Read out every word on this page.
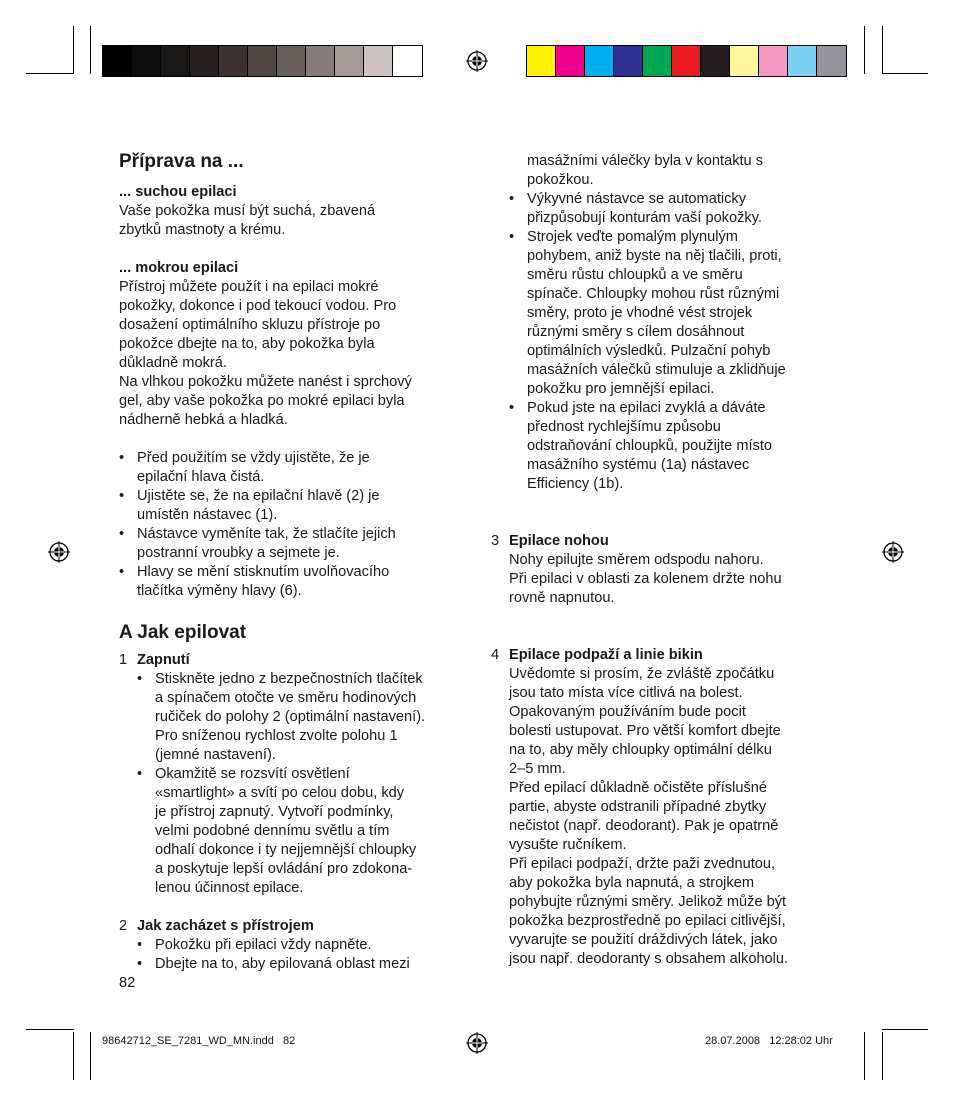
Příprava na ...
... suchou epilaci

Vaše pokožka musí být suchá, zbavená

zbytků mastnoty a krému.

... mokrou epilaci

Přístroj můžete použít i na epilaci mokré

pokožky, dokonce i pod tekoucí vodou. Pro

dosažení optimálního skluzu přístroje po

pokožce dbejte na to, aby pokožka byla

důkladně mokrá.

Na vlhkou pokožku můžete nanést i sprchový

gel, aby vaše pokožka po mokré epilaci byla

nádherně hebká a hladká.

• Před použitím se vždy ujistěte, že je

epilační hlava čistá.

• Ujistěte se, že na epilační hlavě (2) je

umístěn nástavec (1).

• Nástavce vyměníte tak, že stlačíte jejich

postranní vroubky a sejmete je.

• Hlavy se mění stisknutím uvolňovacího

tlačítka výměny hlavy (6).

A Jak epilovat
1 Zapnutí

• Stiskněte jedno z bezpečnostních tlačítek

a spínačem otočte ve směru hodinových

ručiček do polohy 2 (optimální nastavení).

Pro sníženou rychlost zvolte polohu 1

(jemné nastavení).

• Okamžitě se rozsvítí osvětlení

«smartlight» a svítí po celou dobu, kdy

je přístroj zapnutý. Vytvoří podmínky,

velmi podobné dennímu světlu a tím

odhalí dokonce i ty nejjemnější chloupky

a poskytuje lepší ovládání pro zdokona-

lenou účinnost epilace.

2 Jak zacházet s přístrojem

• Pokožku při epilaci vždy napněte.

• Dbejte na to, aby epilovaná oblast mezi

82

masážními válečky byla v kontaktu s

pokožkou.

• Výkyvné nástavce se automaticky

přizpůsobují konturám vaší pokožky.

• Strojek veďte pomalým plynulým

pohybem, aniž byste na něj tlačili, proti,

směru růstu chloupků a ve směru

spínače. Chloupky mohou růst různými

směry, proto je vhodné vést strojek

různými směry s cílem dosáhnout

optimálních výsledků. Pulzační pohyb

masážních válečků stimuluje a zklidňuje

pokožku pro jemnější epilaci.

• Pokud jste na epilaci zvyklá a dáváte

přednost rychlejšímu způsobu

odstraňování chloupků, použijte místo

masážního systému (1a) nástavec

Efficiency (1b).

3 Epilace nohou

Nohy epilujte směrem odspodu nahoru.

Při epilaci v oblasti za kolenem držte nohu

rovně napnutou.

4 Epilace podpaží a linie bikin

Uvědomte si prosím, že zvláště zpočátku

jsou tato místa více citlivá na bolest.

Opakovaným používáním bude pocit

bolesti ustupovat. Pro větší komfort dbejte

na to, aby měly chloupky optimální délku

2–5 mm.

Před epilací důkladně očistěte příslušné

partie, abyste odstranili případné zbytky

nečistot (např. deodorant). Pak je opatrně

vysušte ručníkem.

Při epilaci podpaží, držte paži zvednutou,

aby pokožka byla napnutá, a strojkem

pohybujte různými směry. Jelikož může být

pokožka bezprostředně po epilaci citlivější,

vyvarujte se použití dráždivých látek, jako

jsou např. deodoranty s obsahem alkoholu.

98642712_SE_7281_WD_MN.indd   82	28.07.2008   12:28:02 Uhr
